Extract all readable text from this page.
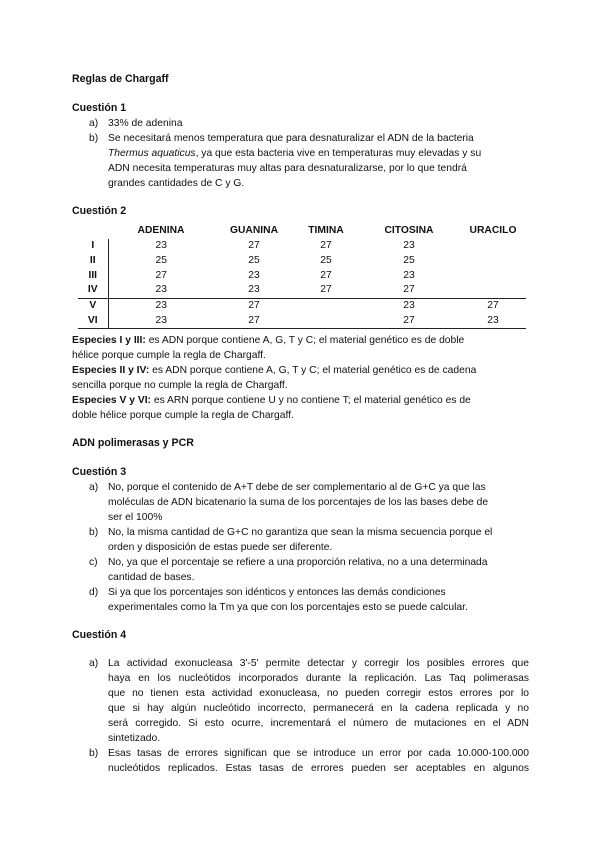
Reglas de Chargaff
Cuestión 1
a) 33% de adenina
b) Se necesitará menos temperatura que para desnaturalizar el ADN de la bacteria
Thermus aquaticus, ya que esta bacteria vive en temperaturas muy elevadas y su
ADN necesita temperaturas muy altas para desnaturalizarse, por lo que tendrá
grandes cantidades de C y G.
Cuestión 2
	ADENINA	GUANINA	TIMINA	CITOSINA	URACILO
I	23	27	27	23	
II	25	25	25	25	
III	27	23	27	23	
IV	23	23	27	27	
V	23	27		23	27
VI	23	27		27	23
Especies I y III: es ADN porque contiene A, G, T y C; el material genético es de doble
hélice porque cumple la regla de Chargaff.
Especies II y IV: es ADN porque contiene A, G, T y C; el material genético es de cadena
sencilla porque no cumple la regla de Chargaff.
Especies V y VI: es ARN porque contiene U y no contiene T; el material genético es de
doble hélice porque cumple la regla de Chargaff.
ADN polimerasas y PCR
Cuestión 3
a) No, porque el contenido de A+T debe de ser complementario al de G+C ya que las
moléculas de ADN bicatenario la suma de los porcentajes de los las bases debe de
ser el 100%
b) No, la misma cantidad de G+C no garantiza que sean la misma secuencia porque el
orden y disposición de estas puede ser diferente.
c) No, ya que el porcentaje se refiere a una proporción relativa, no a una determinada
cantidad de bases.
d) Si ya que los porcentajes son idénticos y entonces las demás condiciones
experimentales como la Tm ya que con los porcentajes esto se puede calcular.
Cuestión 4
a) La actividad exonucleasa 3'-5' permite detectar y corregir los posibles errores que
haya en los nucleótidos incorporados durante la replicación. Las Taq polimerasas
que no tienen esta actividad exonucleasa, no pueden corregir estos errores por lo
que si hay algún nucleótido incorrecto, permanecerá en la cadena replicada y no
será corregido. Si esto ocurre, incrementará el número de mutaciones en el ADN
sintetizado.
b) Esas tasas de errores significan que se introduce un error por cada 10.000-100.000
nucleótidos replicados. Estas tasas de errores pueden ser aceptables en algunos
